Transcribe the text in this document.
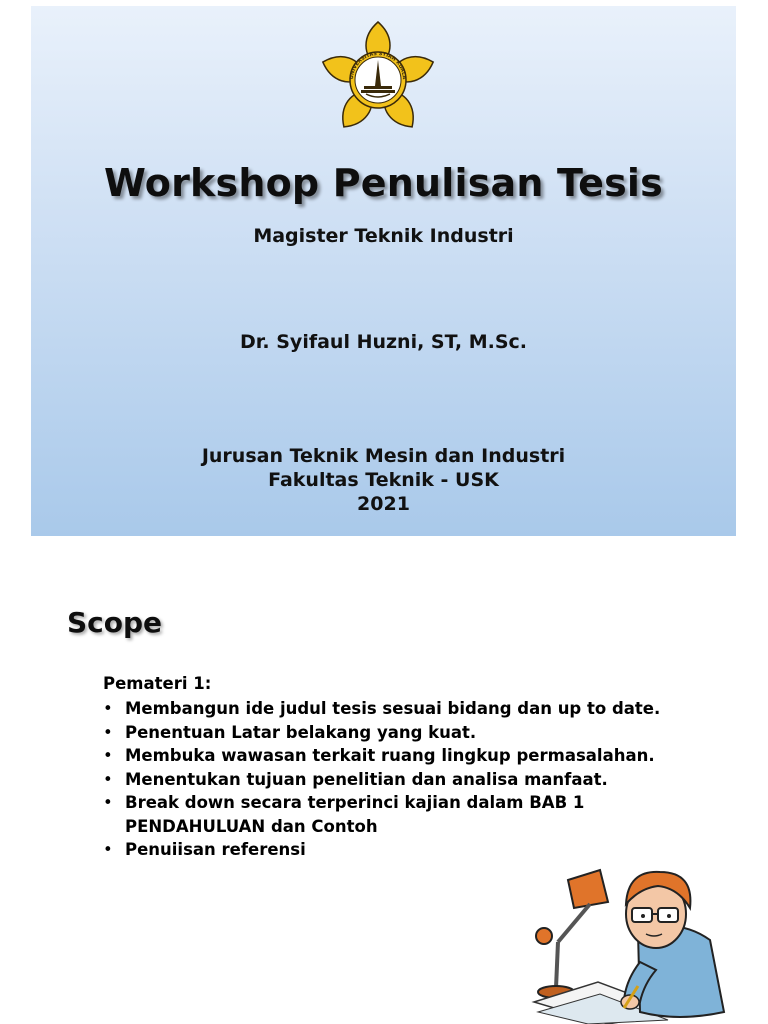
UNIVERSITAS SYIAH KUALA
Workshop Penulisan Tesis
Magister Teknik Industri
Dr. Syifaul Huzni, ST, M.Sc.
Jurusan Teknik Mesin dan Industri
Fakultas Teknik - USK
2021
Scope
Pemateri 1:
• Membangun ide judul tesis sesuai bidang dan up to date.
• Penentuan Latar belakang yang kuat.
• Membuka wawasan terkait ruang lingkup permasalahan.
• Menentukan tujuan penelitian dan analisa manfaat.
• Break down secara terperinci kajian dalam BAB 1 PENDAHULUAN dan Contoh
• Penuiisan referensi
